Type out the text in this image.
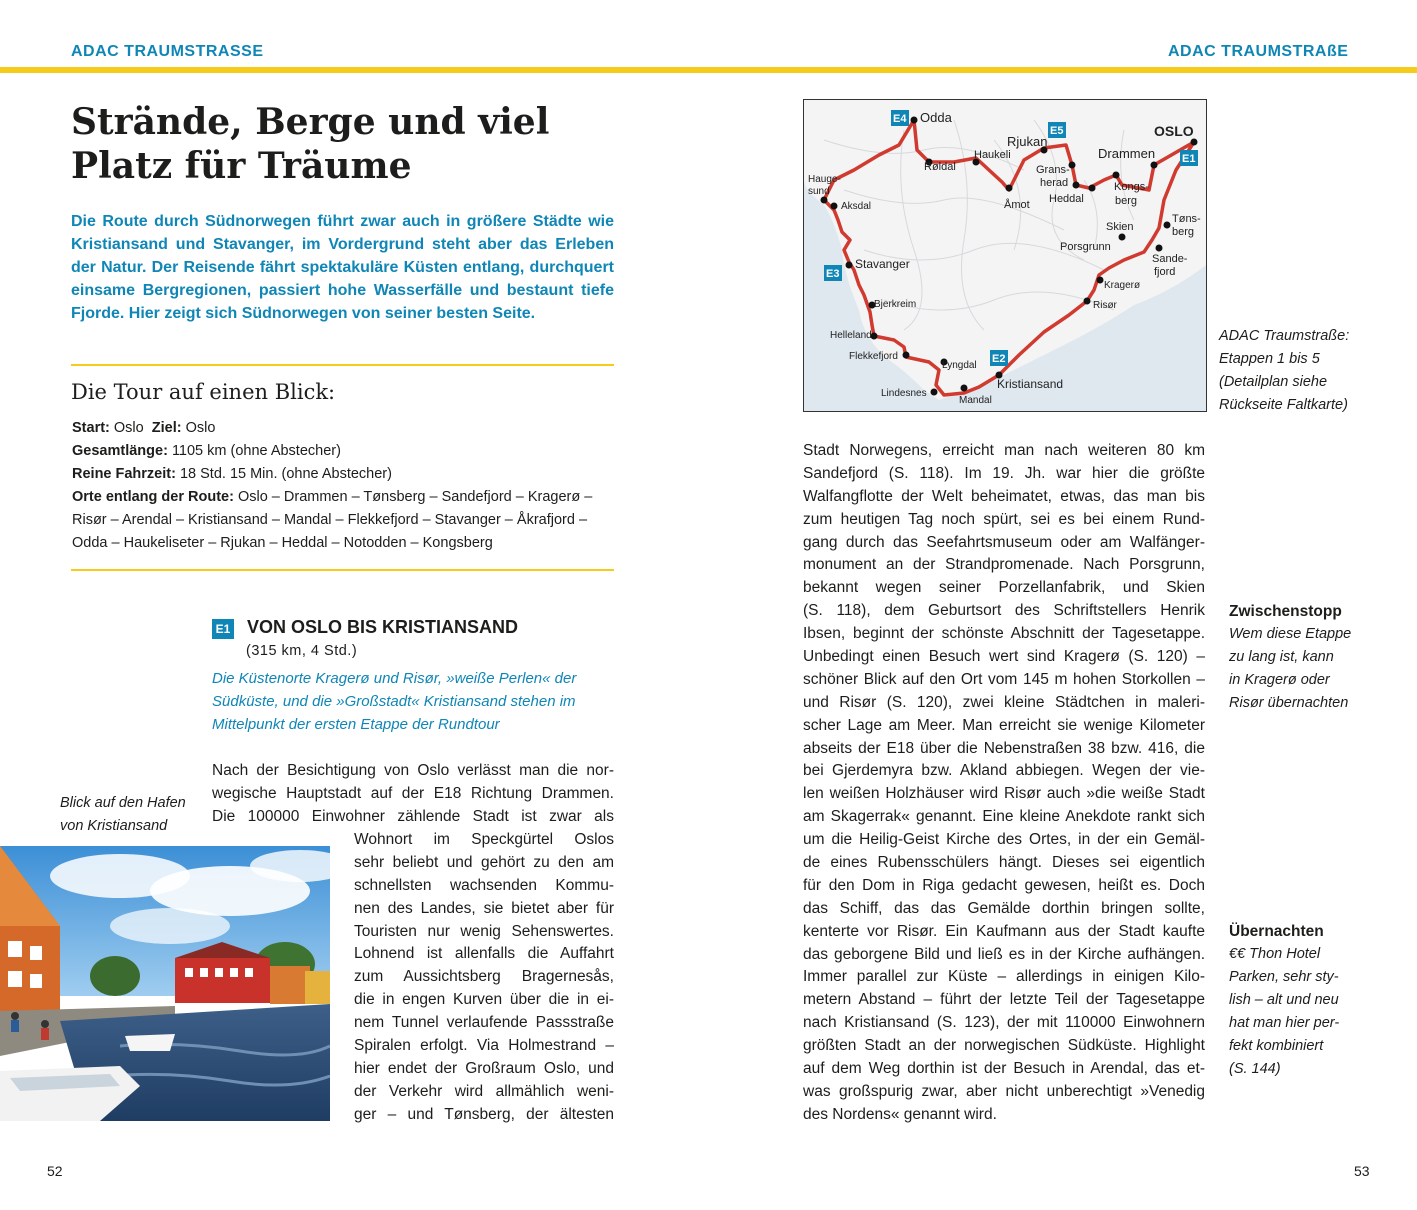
ADAC TRAUMSTRASSE	ADAC TRAUMSTRAßE
Strände, Berge und viel
Platz für Träume
Die Route durch Südnorwegen führt zwar auch in größere Städte wie Kristiansand und Stavanger, im Vordergrund steht aber das Erleben der Natur. Der Reisende fährt spektakuläre Küsten entlang, durchquert einsame Bergregionen, passiert hohe Wasserfälle und bestaunt tiefe Fjorde. Hier zeigt sich Südnorwegen von seiner besten Seite.
Die Tour auf einen Blick:
Start: Oslo Ziel: Oslo
Gesamtlänge: 1105 km (ohne Abstecher)
Reine Fahrzeit: 18 Std. 15 Min. (ohne Abstecher)
Orte entlang der Route: Oslo – Drammen – Tønsberg – Sandefjord – Kragerø –
Risør – Arendal – Kristiansand – Mandal – Flekkefjord – Stavanger – Åkrafjord –
Odda – Haukeliseter – Rjukan – Heddal – Notodden – Kongsberg
E1 VON OSLO BIS KRISTIANSAND
(315 km, 4 Std.)
Die Küstenorte Kragerø und Risør, »weiße Perlen« der Südküste, und die »Großstadt« Kristiansand stehen im Mittelpunkt der ersten Etappe der Rundtour
Blick auf den Hafen
von Kristiansand
Nach der Besichtigung von Oslo verlässt man die nor-
wegische Hauptstadt auf der E18 Richtung Drammen.
Die 100000 Einwohner zählende Stadt ist zwar als
Wohnort im Speckgürtel Oslos
sehr beliebt und gehört zu den am
schnellsten wachsenden Kommu-
nen des Landes, sie bietet aber für
Touristen nur wenig Sehenswertes.
Lohnend ist allenfalls die Auffahrt
zum Aussichtsberg Bragernesås,
die in engen Kurven über die in ei-
nem Tunnel verlaufende Passstraße
Spiralen erfolgt. Via Holmestrand –
hier endet der Großraum Oslo, und
der Verkehr wird allmählich weni-
ger – und Tønsberg, der ältesten
52
Odda
Røldal
Haukeli
Åmot
Rjukan
Grans-
herad
Heddal
Drammen
OSLO
Kongs-
berg
Tøns-
berg
Skien
Porsgrunn
Sande-
fjord
Kragerø
Risør
Kristiansand
Lyngdal
Mandal
Lindesnes
Flekkefjord
Helleland
Bjerkreim
Stavanger
Aksdal
Hauge-
sund
E4
E5
E1
E3
E2
ADAC Traumstraße:
Etappen 1 bis 5
(Detailplan siehe
Rückseite Faltkarte)
Stadt Norwegens, erreicht man nach weiteren 80 km
Sandefjord (S. 118). Im 19. Jh. war hier die größte
Walfangflotte der Welt beheimatet, etwas, das man bis
zum heutigen Tag noch spürt, sei es bei einem Rund-
gang durch das Seefahrtsmuseum oder am Walfänger-
monument an der Strandpromenade. Nach Porsgrunn,
bekannt wegen seiner Porzellanfabrik, und Skien
(S. 118), dem Geburtsort des Schriftstellers Henrik
Ibsen, beginnt der schönste Abschnitt der Tagesetappe.
Unbedingt einen Besuch wert sind Kragerø (S. 120) –
schöner Blick auf den Ort vom 145 m hohen Storkollen –
und Risør (S. 120), zwei kleine Städtchen in maleri-
scher Lage am Meer. Man erreicht sie wenige Kilometer
abseits der E18 über die Nebenstraßen 38 bzw. 416, die
bei Gjerdemyra bzw. Akland abbiegen. Wegen der vie-
len weißen Holzhäuser wird Risør auch »die weiße Stadt
am Skagerrak« genannt. Eine kleine Anekdote rankt sich
um die Heilig-Geist Kirche des Ortes, in der ein Gemäl-
de eines Rubensschülers hängt. Dieses sei eigentlich
für den Dom in Riga gedacht gewesen, heißt es. Doch
das Schiff, das das Gemälde dorthin bringen sollte,
kenterte vor Risør. Ein Kaufmann aus der Stadt kaufte
das geborgene Bild und ließ es in der Kirche aufhängen.
Immer parallel zur Küste – allerdings in einigen Kilo-
metern Abstand – führt der letzte Teil der Tagesetappe
nach Kristiansand (S. 123), der mit 110000 Einwohnern
größten Stadt an der norwegischen Südküste. Highlight
auf dem Weg dorthin ist der Besuch in Arendal, das et-
was großspurig zwar, aber nicht unberechtigt »Venedig
des Nordens« genannt wird.
Zwischenstopp
Wem diese Etappe
zu lang ist, kann
in Kragerø oder
Risør übernachten
Übernachten
€€ Thon Hotel
Parken, sehr sty-
lish – alt und neu
hat man hier per-
fekt kombiniert
(S. 144)
53
